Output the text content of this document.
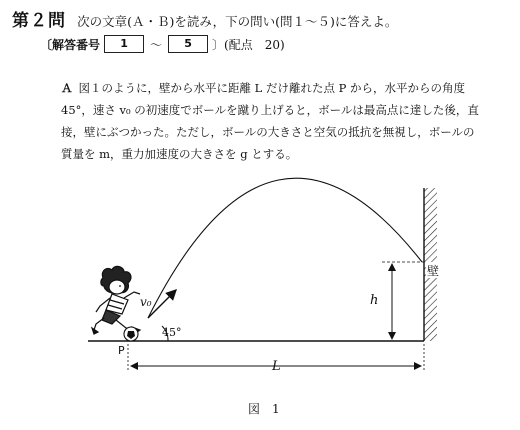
第２問 次の文章(Ａ・Ｂ)を読み，下の問い(問１～５)に答えよ。
〔解答番号	1	～	5	〕(配点　20)
Ａ 図１のように，壁から水平に距離 L だけ離れた点 P から，水平からの角度
45°，速さ v₀ の初速度でボールを蹴り上げると，ボールは最高点に達した後，直
接，壁にぶつかった。ただし，ボールの大きさと空気の抵抗を無視し，ボールの
質量を m，重力加速度の大きさを g とする。
v₀
45°
P
h
L
壁
図 1
